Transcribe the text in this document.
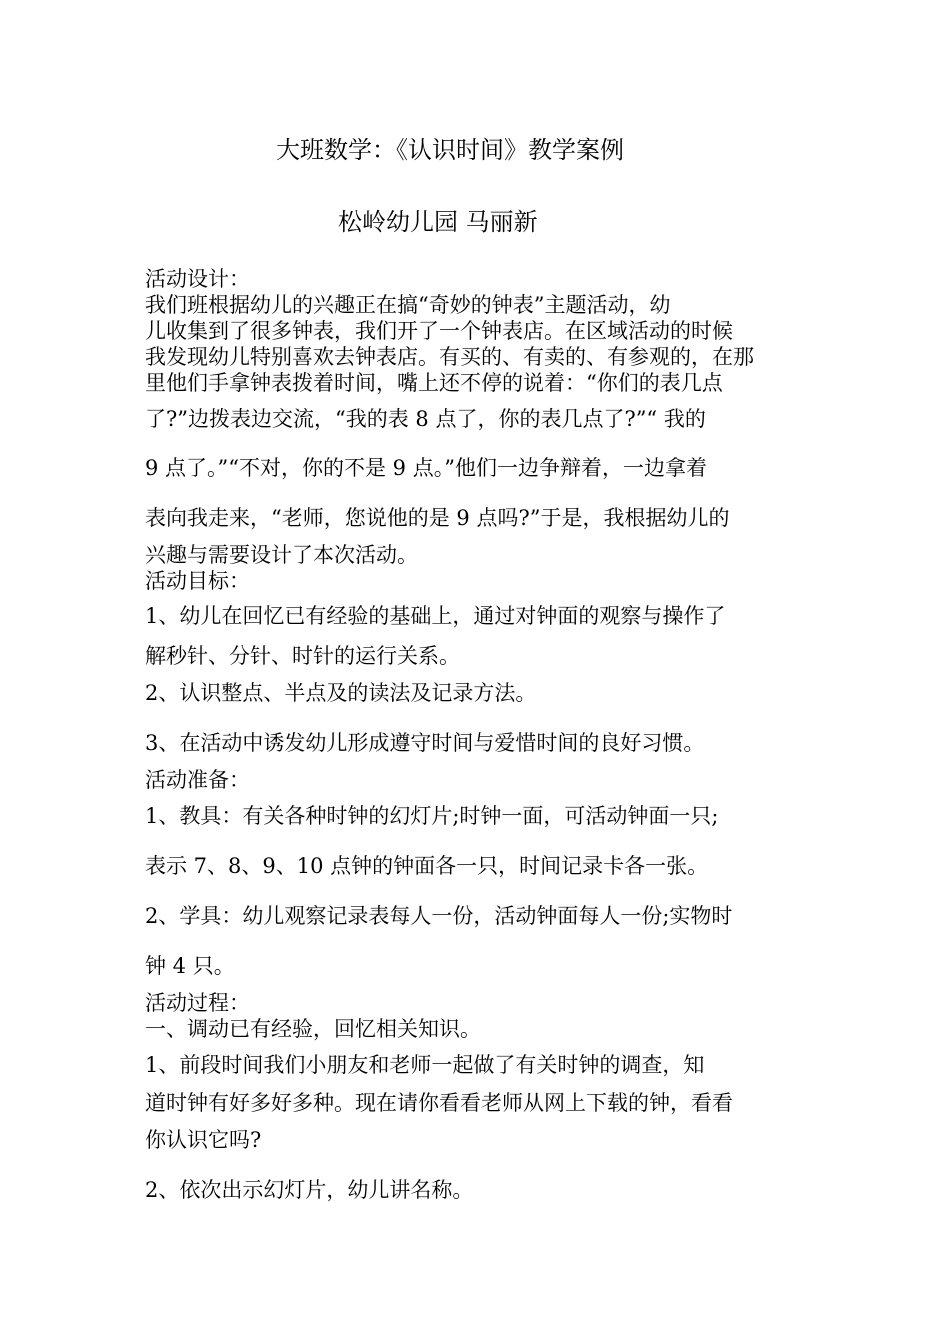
大班数学：《认识时间》教学案例
松岭幼儿园 马丽新
活动设计：
我们班根据幼儿的兴趣正在搞“奇妙的钟表”主题活动，幼
儿收集到了很多钟表，我们开了一个钟表店。在区域活动的时候
我发现幼儿特别喜欢去钟表店。有买的、有卖的、有参观的，在那
里他们手拿钟表拨着时间，嘴上还不停的说着：“你们的表几点
了?”边拨表边交流，“我的表 8 点了，你的表几点了?”“ 我的
9 点了。”“不对，你的不是 9 点。”他们一边争辩着，一边拿着
表向我走来，“老师，您说他的是 9 点吗?”于是，我根据幼儿的
兴趣与需要设计了本次活动。
活动目标：
1、幼儿在回忆已有经验的基础上，通过对钟面的观察与操作了
解秒针、分针、时针的运行关系。
2、认识整点、半点及的读法及记录方法。
3、在活动中诱发幼儿形成遵守时间与爱惜时间的良好习惯。
活动准备：
1、教具：有关各种时钟的幻灯片;时钟一面，可活动钟面一只;
表示 7、8、9、10 点钟的钟面各一只，时间记录卡各一张。
2、学具：幼儿观察记录表每人一份，活动钟面每人一份;实物时
钟 4 只。
活动过程：
一、调动已有经验，回忆相关知识。
1、前段时间我们小朋友和老师一起做了有关时钟的调查，知
道时钟有好多好多种。现在请你看看老师从网上下载的钟，看看
你认识它吗?
2、依次出示幻灯片，幼儿讲名称。
